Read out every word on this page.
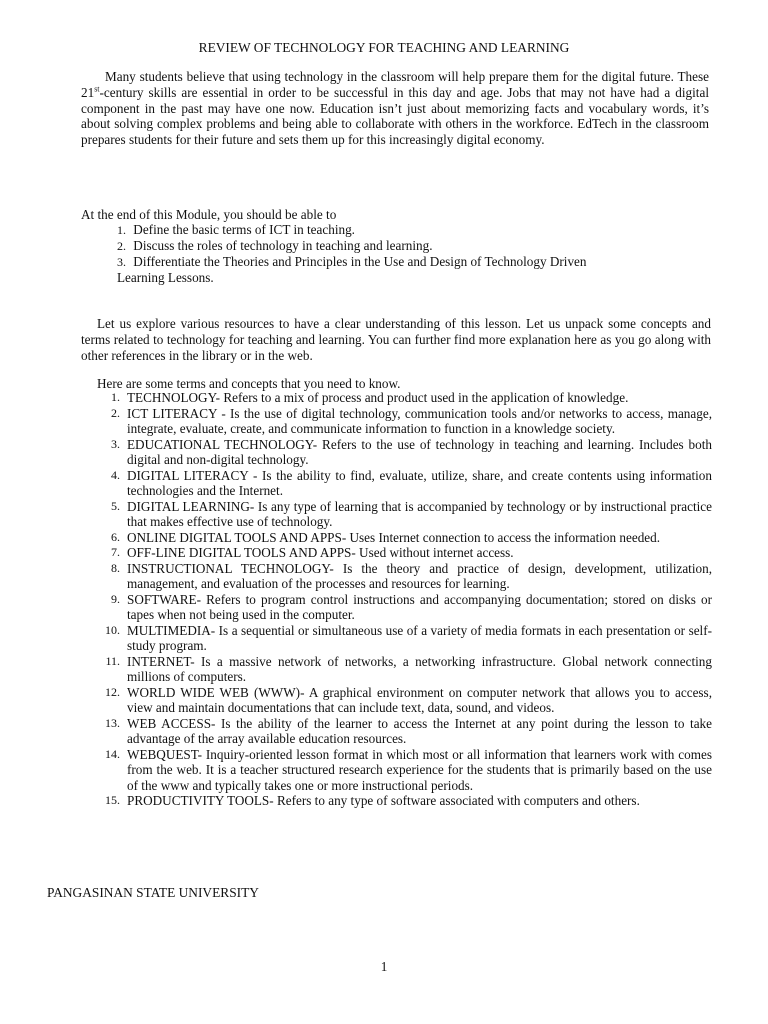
REVIEW OF TECHNOLOGY FOR TEACHING AND LEARNING

Many students believe that using technology in the classroom will help prepare them for the digital future. These 21st-century skills are essential in order to be successful in this day and age. Jobs that may not have had a digital component in the past may have one now. Education isn’t just about memorizing facts and vocabulary words, it’s about solving complex problems and being able to collaborate with others in the workforce. EdTech in the classroom prepares students for their future and sets them up for this increasingly digital economy.

At the end of this Module, you should be able to

1. Define the basic terms of ICT in teaching.
2. Discuss the roles of technology in teaching and learning.
3. Differentiate the Theories and Principles in the Use and Design of Technology Driven
Learning Lessons.

Let us explore various resources to have a clear understanding of this lesson. Let us unpack some concepts and terms related to technology for teaching and learning. You can further find more explanation here as you go along with other references in the library or in the web.

Here are some terms and concepts that you need to know.

1. TECHNOLOGY- Refers to a mix of process and product used in the application of knowledge.
2. ICT LITERACY - Is the use of digital technology, communication tools and/or networks to access, manage, integrate, evaluate, create, and communicate information to function in a knowledge society.
3. EDUCATIONAL TECHNOLOGY- Refers to the use of technology in teaching and learning. Includes both digital and non-digital technology.
4. DIGITAL LITERACY - Is the ability to find, evaluate, utilize, share, and create contents using information technologies and the Internet.
5. DIGITAL LEARNING- Is any type of learning that is accompanied by technology or by instructional practice that makes effective use of technology.
6. ONLINE DIGITAL TOOLS AND APPS- Uses Internet connection to access the information needed.
7. OFF-LINE DIGITAL TOOLS AND APPS- Used without internet access.
8. INSTRUCTIONAL TECHNOLOGY- Is the theory and practice of design, development, utilization, management, and evaluation of the processes and resources for learning.
9. SOFTWARE- Refers to program control instructions and accompanying documentation; stored on disks or tapes when not being used in the computer.
10. MULTIMEDIA- Is a sequential or simultaneous use of a variety of media formats in each presentation or self-study program.
11. INTERNET- Is a massive network of networks, a networking infrastructure. Global network connecting millions of computers.
12. WORLD WIDE WEB (WWW)- A graphical environment on computer network that allows you to access, view and maintain documentations that can include text, data, sound, and videos.
13. WEB ACCESS- Is the ability of the learner to access the Internet at any point during the lesson to take advantage of the array available education resources.
14. WEBQUEST- Inquiry-oriented lesson format in which most or all information that learners work with comes from the web. It is a teacher structured research experience for the students that is primarily based on the use of the www and typically takes one or more instructional periods.
15. PRODUCTIVITY TOOLS- Refers to any type of software associated with computers and others.
PANGASINAN STATE UNIVERSITY
1
